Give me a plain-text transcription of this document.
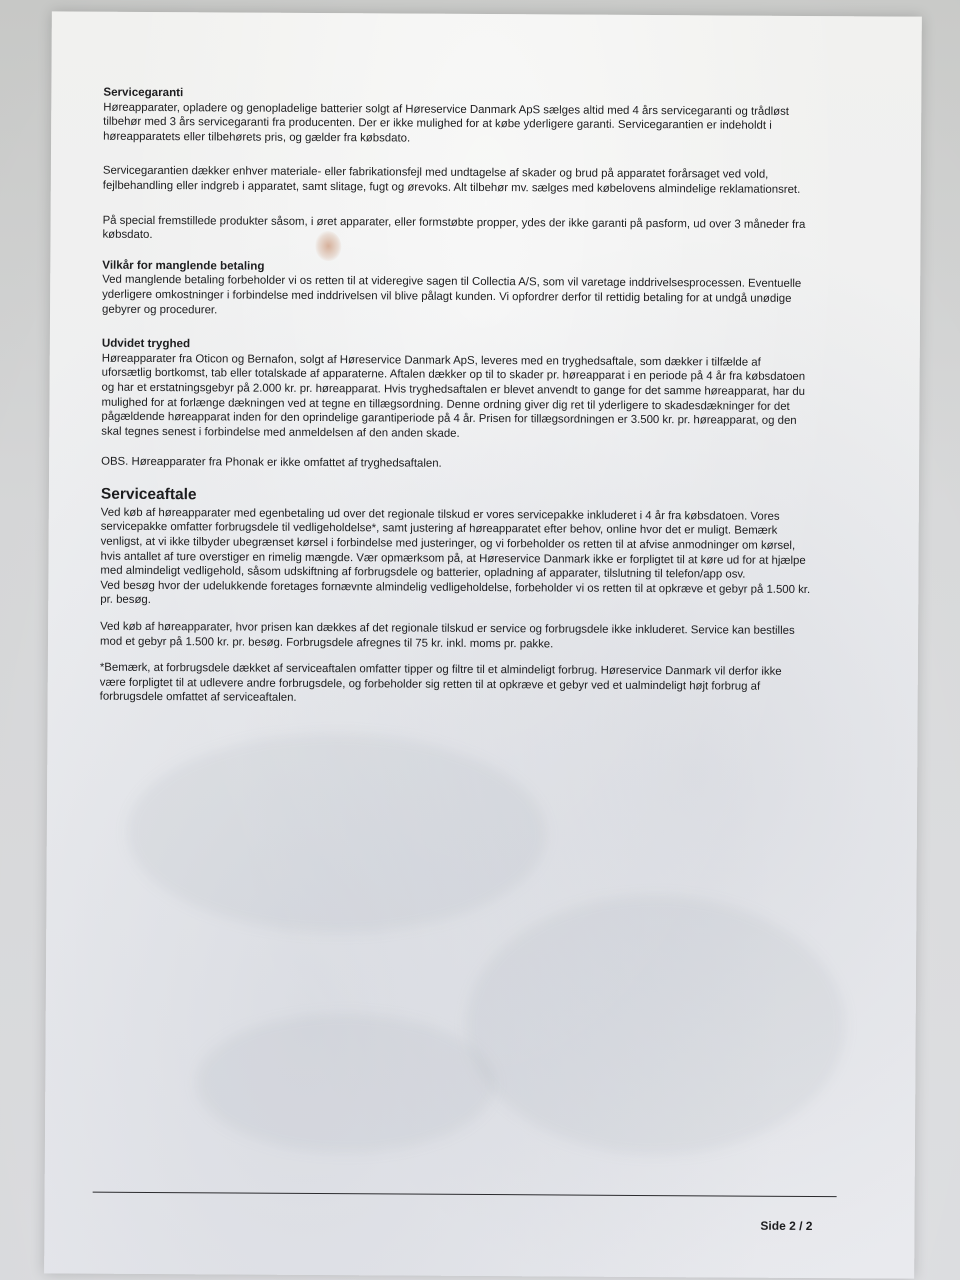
Servicegaranti

Høreapparater, opladere og genopladelige batterier solgt af Høreservice Danmark ApS sælges altid med 4 års servicegaranti og trådløst tilbehør med 3 års servicegaranti fra producenten. Der er ikke mulighed for at købe yderligere garanti. Servicegarantien er indeholdt i høreapparatets eller tilbehørets pris, og gælder fra købsdato.

Servicegarantien dækker enhver materiale- eller fabrikationsfejl med undtagelse af skader og brud på apparatet forårsaget ved vold, fejlbehandling eller indgreb i apparatet, samt slitage, fugt og ørevoks. Alt tilbehør mv. sælges med købelovens almindelige reklamationsret.

På special fremstillede produkter såsom, i øret apparater, eller formstøbte propper, ydes der ikke garanti på pasform, ud over 3 måneder fra købsdato.

Vilkår for manglende betaling

Ved manglende betaling forbeholder vi os retten til at videregive sagen til Collectia A/S, som vil varetage inddrivelsesprocessen. Eventuelle yderligere omkostninger i forbindelse med inddrivelsen vil blive pålagt kunden. Vi opfordrer derfor til rettidig betaling for at undgå unødige gebyrer og procedurer.

Udvidet tryghed

Høreapparater fra Oticon og Bernafon, solgt af Høreservice Danmark ApS, leveres med en tryghedsaftale, som dækker i tilfælde af uforsætlig bortkomst, tab eller totalskade af apparaterne. Aftalen dækker op til to skader pr. høreapparat i en periode på 4 år fra købsdatoen og har et erstatningsgebyr på 2.000 kr. pr. høreapparat. Hvis tryghedsaftalen er blevet anvendt to gange for det samme høreapparat, har du mulighed for at forlænge dækningen ved at tegne en tillægsordning. Denne ordning giver dig ret til yderligere to skadesdækninger for det pågældende høreapparat inden for den oprindelige garantiperiode på 4 år. Prisen for tillægsordningen er 3.500 kr. pr. høreapparat, og den skal tegnes senest i forbindelse med anmeldelsen af den anden skade.

OBS. Høreapparater fra Phonak er ikke omfattet af tryghedsaftalen.

Serviceaftale

Ved køb af høreapparater med egenbetaling ud over det regionale tilskud er vores servicepakke inkluderet i 4 år fra købsdatoen. Vores servicepakke omfatter forbrugsdele til vedligeholdelse*, samt justering af høreapparatet efter behov, online hvor det er muligt. Bemærk venligst, at vi ikke tilbyder ubegrænset kørsel i forbindelse med justeringer, og vi forbeholder os retten til at afvise anmodninger om kørsel, hvis antallet af ture overstiger en rimelig mængde. Vær opmærksom på, at Høreservice Danmark ikke er forpligtet til at køre ud for at hjælpe med almindeligt vedligehold, såsom udskiftning af forbrugsdele og batterier, opladning af apparater, tilslutning til telefon/app osv.

Ved besøg hvor der udelukkende foretages fornævnte almindelig vedligeholdelse, forbeholder vi os retten til at opkræve et gebyr på 1.500 kr. pr. besøg.

Ved køb af høreapparater, hvor prisen kan dækkes af det regionale tilskud er service og forbrugsdele ikke inkluderet. Service kan bestilles mod et gebyr på 1.500 kr. pr. besøg. Forbrugsdele afregnes til 75 kr. inkl. moms pr. pakke.

*Bemærk, at forbrugsdele dækket af serviceaftalen omfatter tipper og filtre til et almindeligt forbrug. Høreservice Danmark vil derfor ikke være forpligtet til at udlevere andre forbrugsdele, og forbeholder sig retten til at opkræve et gebyr ved et ualmindeligt højt forbrug af forbrugsdele omfattet af serviceaftalen.

Side 2 / 2
